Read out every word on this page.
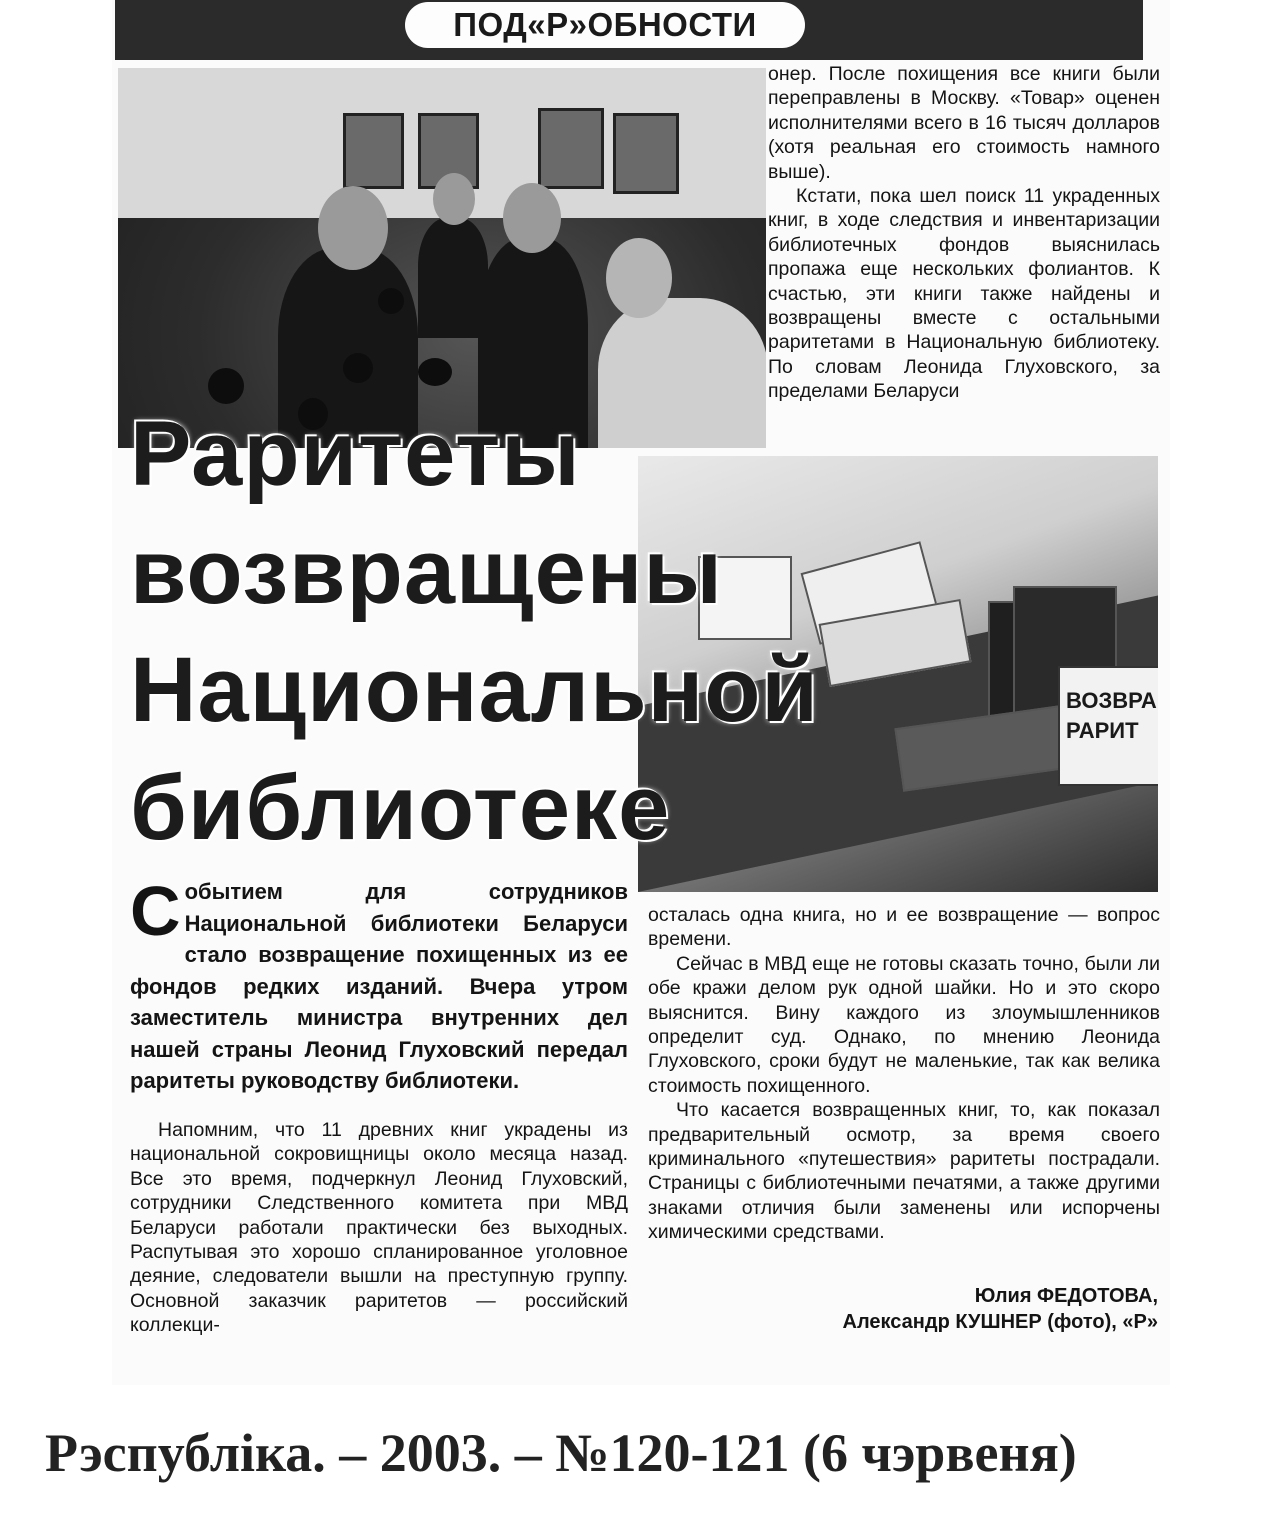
ПОД«Р»ОБНОСТИ
ВОЗВРА
РАРИТ
Раритеты
возвращены
Национальной
библиотеке

онер. После похищения все книги были переправлены в Москву. «Товар» оценен исполнителями всего в 16 тысяч долларов (хотя реальная его стоимость намного выше).

Кстати, пока шел поиск 11 украденных книг, в ходе следствия и инвентаризации библиотечных фондов выяснилась пропажа еще нескольких фолиантов. К счастью, эти книги также найдены и возвращены вместе с остальными раритетами в Национальную библиотеку. По словам Леонида Глуховского, за пределами Беларуси

Событием для сотрудников Национальной библиотеки Беларуси стало возвращение похищенных из ее фондов редких изданий. Вчера утром заместитель министра внутренних дел нашей страны Леонид Глуховский передал раритеты руководству библиотеки.

Напомним, что 11 древних книг украдены из национальной сокровищницы около месяца назад. Все это время, подчеркнул Леонид Глуховский, сотрудники Следственного комитета при МВД Беларуси работали практически без выходных. Распутывая это хорошо спланированное уголовное деяние, следователи вышли на преступную группу. Основной заказчик раритетов — российский коллекци-

осталась одна книга, но и ее возвращение — вопрос времени.

Сейчас в МВД еще не готовы сказать точно, были ли обе кражи делом рук одной шайки. Но и это скоро выяснится. Вину каждого из злоумышленников определит суд. Однако, по мнению Леонида Глуховского, сроки будут не маленькие, так как велика стоимость похищенного.

Что касается возвращенных книг, то, как показал предварительный осмотр, за время своего криминального «путешествия» раритеты пострадали. Страницы с библиотечными печатями, а также другими знаками отличия были заменены или испорчены химическими средствами.

Юлия ФЕДОТОВА,
Александр КУШНЕР (фото), «Р»
Рэспубліка. – 2003. – №120-121 (6 чэрвеня)
